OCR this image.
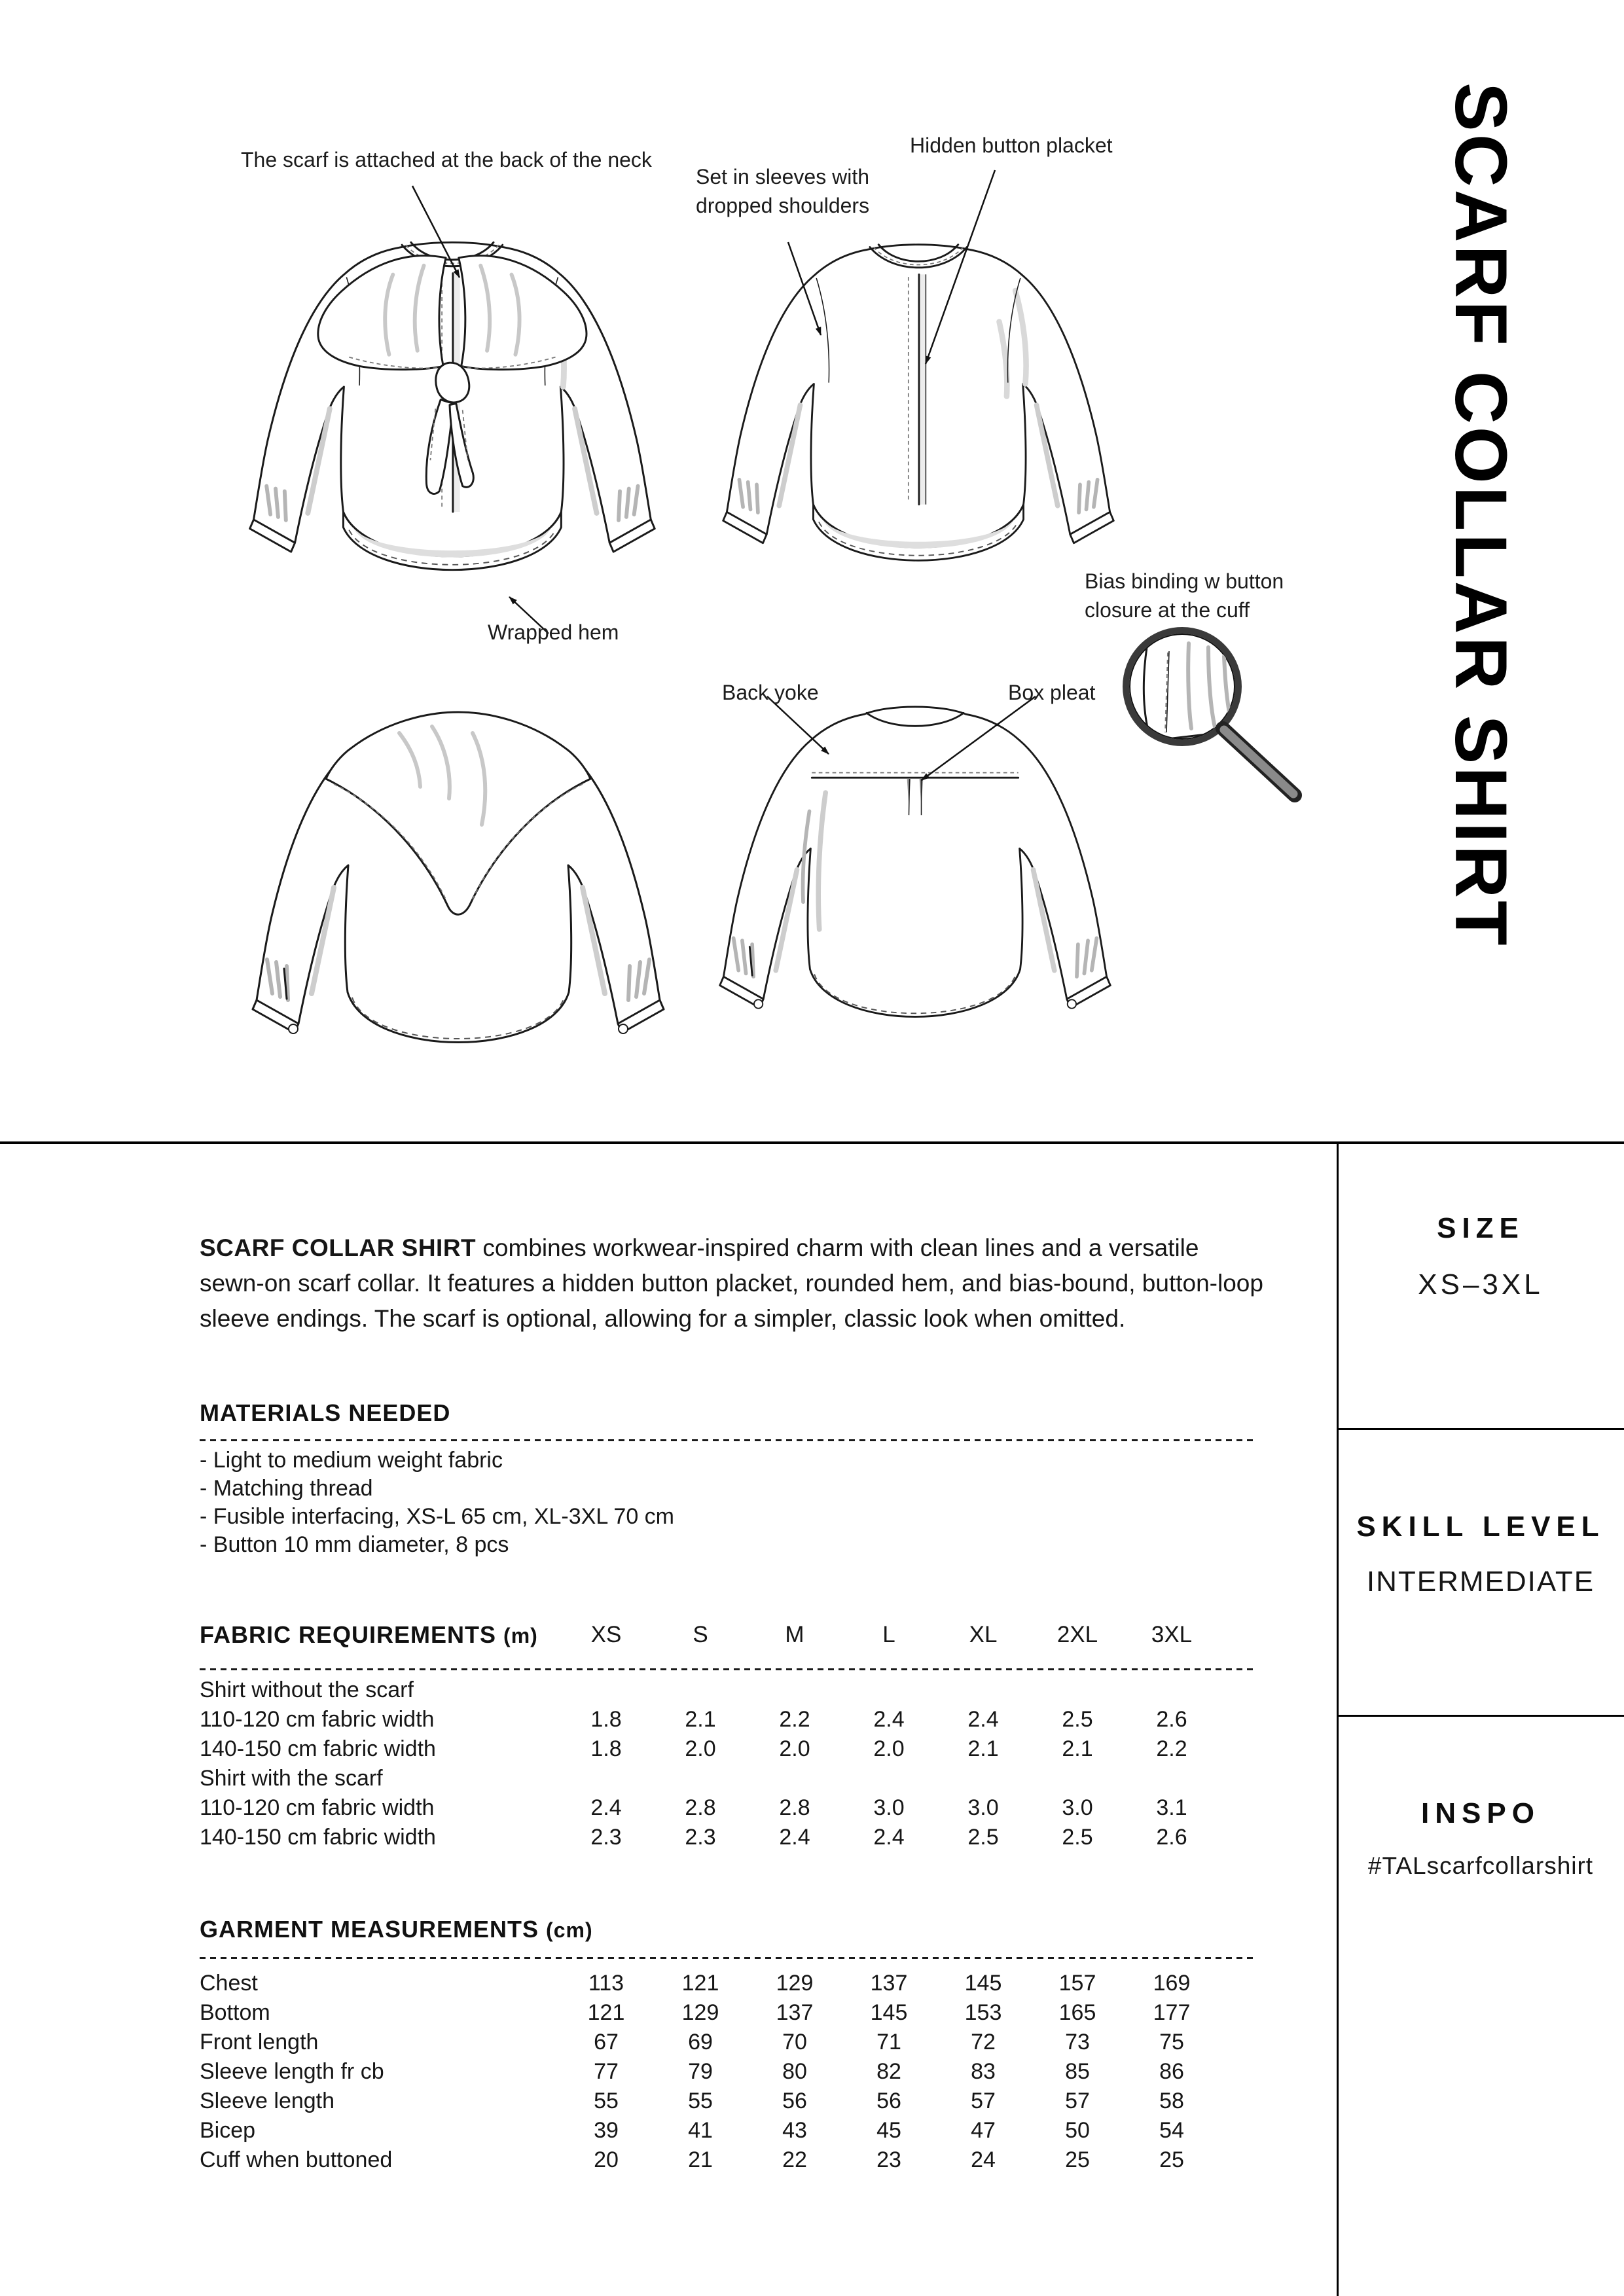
The scarf is attached at the back of the neck
Set in sleeves with dropped shoulders
Hidden button placket
Wrapped hem
Bias binding w button closure at the cuff
Back yoke	Box pleat	SCARF COLLAR SHIRT

SCARF COLLAR SHIRT combines workwear-inspired charm with clean lines and a versatile sewn-on scarf collar. It features a hidden button placket, rounded hem, and bias-bound, button-loop sleeve endings. The scarf is optional, allowing for a simpler, classic look when omitted.

MATERIALS NEEDED
- Light to medium weight fabric
- Matching thread
- Fusible interfacing, XS-L 65 cm, XL-3XL 70 cm
- Button 10 mm diameter, 8 pcs
FABRIC REQUIREMENTS (m)	XS	S	M	L	XL	2XL	3XL
Shirt without the scarf
110-120 cm fabric width	1.8	2.1	2.2	2.4	2.4	2.5	2.6
140-150 cm fabric width	1.8	2.0	2.0	2.0	2.1	2.1	2.2
Shirt with the scarf
110-120 cm fabric width	2.4	2.8	2.8	3.0	3.0	3.0	3.1
140-150 cm fabric width	2.3	2.3	2.4	2.4	2.5	2.5	2.6
GARMENT MEASUREMENTS (cm)
Chest	113	121	129	137	145	157	169
Bottom	121	129	137	145	153	165	177
Front length	67	69	70	71	72	73	75
Sleeve length fr cb	77	79	80	82	83	85	86
Sleeve length	55	55	56	56	57	57	58
Bicep	39	41	43	45	47	50	54
Cuff when buttoned	20	21	22	23	24	25	25
SIZE
XS–3XL
SKILL LEVEL
INTERMEDIATE
INSPO
#TALscarfcollarshirt
